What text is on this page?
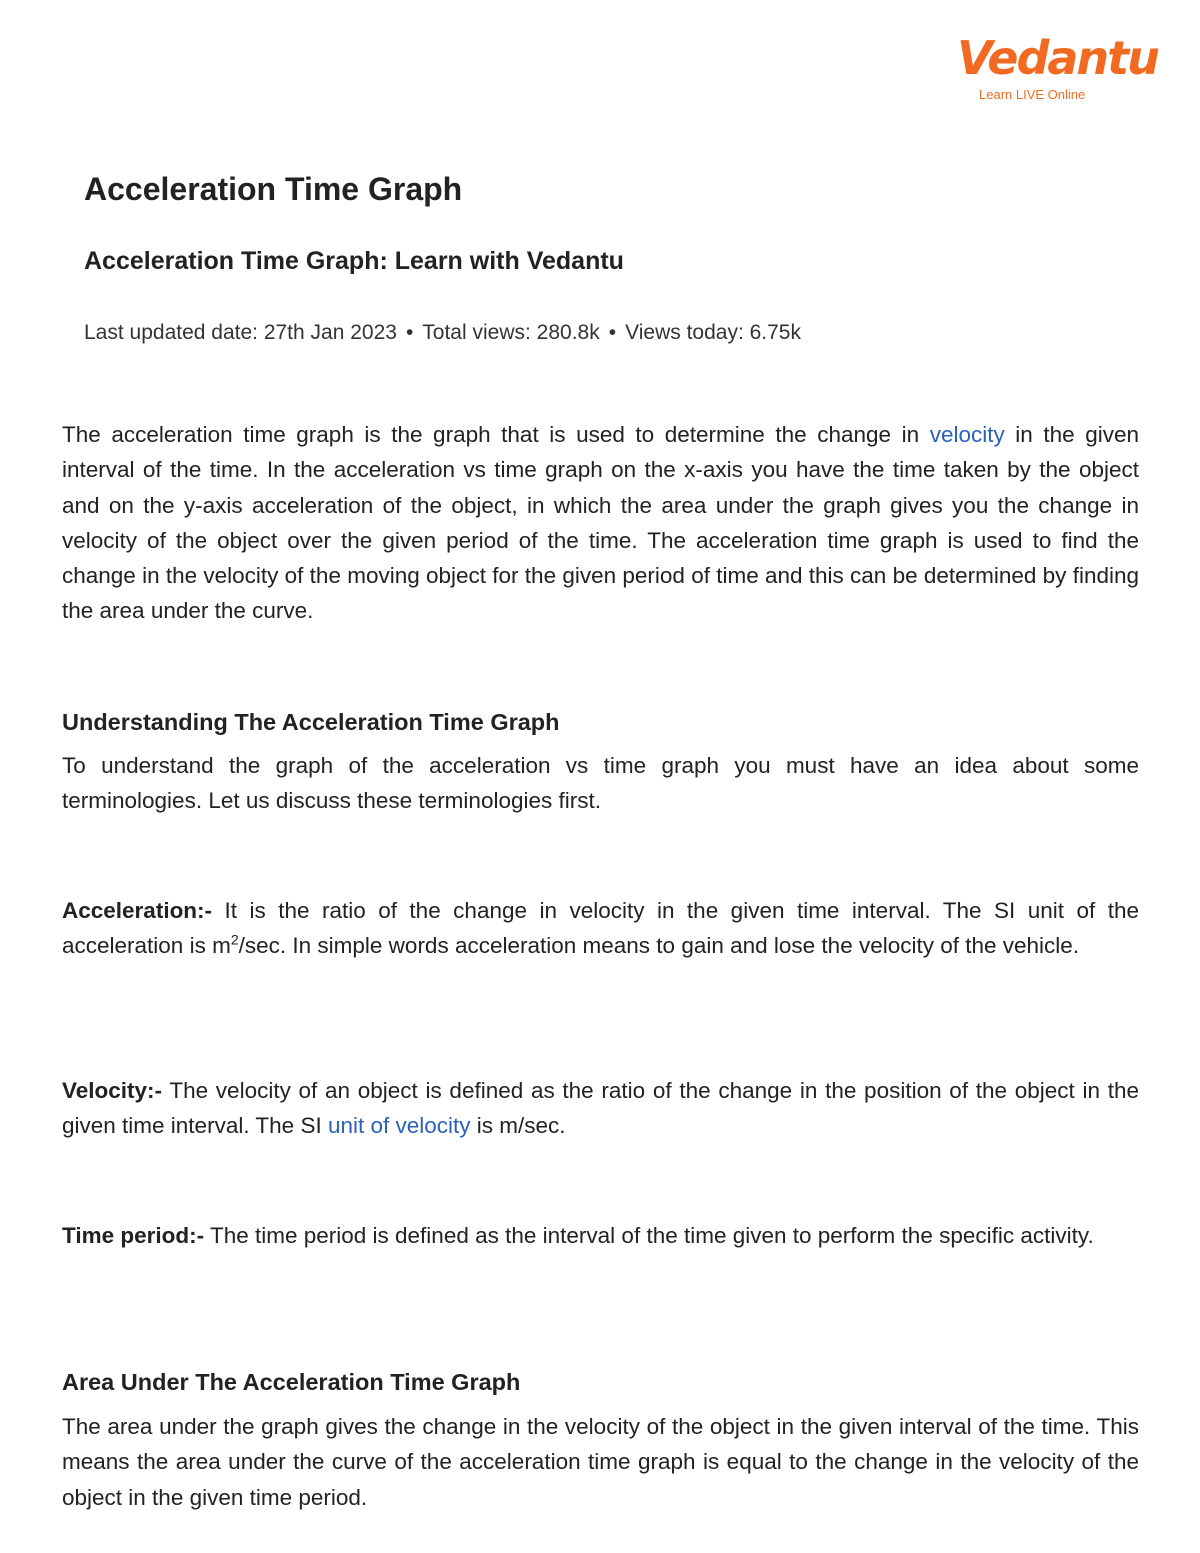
Vedantu
Learn LIVE Online
Acceleration Time Graph
Acceleration Time Graph: Learn with Vedantu
Last updated date: 27th Jan 2023 • Total views: 280.8k • Views today: 6.75k

The acceleration time graph is the graph that is used to determine the change in velocity in the given interval of the time. In the acceleration vs time graph on the x-axis you have the time taken by the object and on the y-axis acceleration of the object, in which the area under the graph gives you the change in velocity of the object over the given period of the time. The acceleration time graph is used to find the change in the velocity of the moving object for the given period of time and this can be determined by finding the area under the curve.

Understanding The Acceleration Time Graph

To understand the graph of the acceleration vs time graph you must have an idea about some terminologies. Let us discuss these terminologies first.

Acceleration:- It is the ratio of the change in velocity in the given time interval. The SI unit of the acceleration is $m^2/\sec$. In simple words acceleration means to gain and lose the velocity of the vehicle.

Velocity:- The velocity of an object is defined as the ratio of the change in the position of the object in the given time interval. The SI unit of velocity is m/sec.

Time period:- The time period is defined as the interval of the time given to perform the specific activity.

Area Under The Acceleration Time Graph

The area under the graph gives the change in the velocity of the object in the given interval of the time. This means the area under the curve of the acceleration time graph is equal to the change in the velocity of the object in the given time period.
